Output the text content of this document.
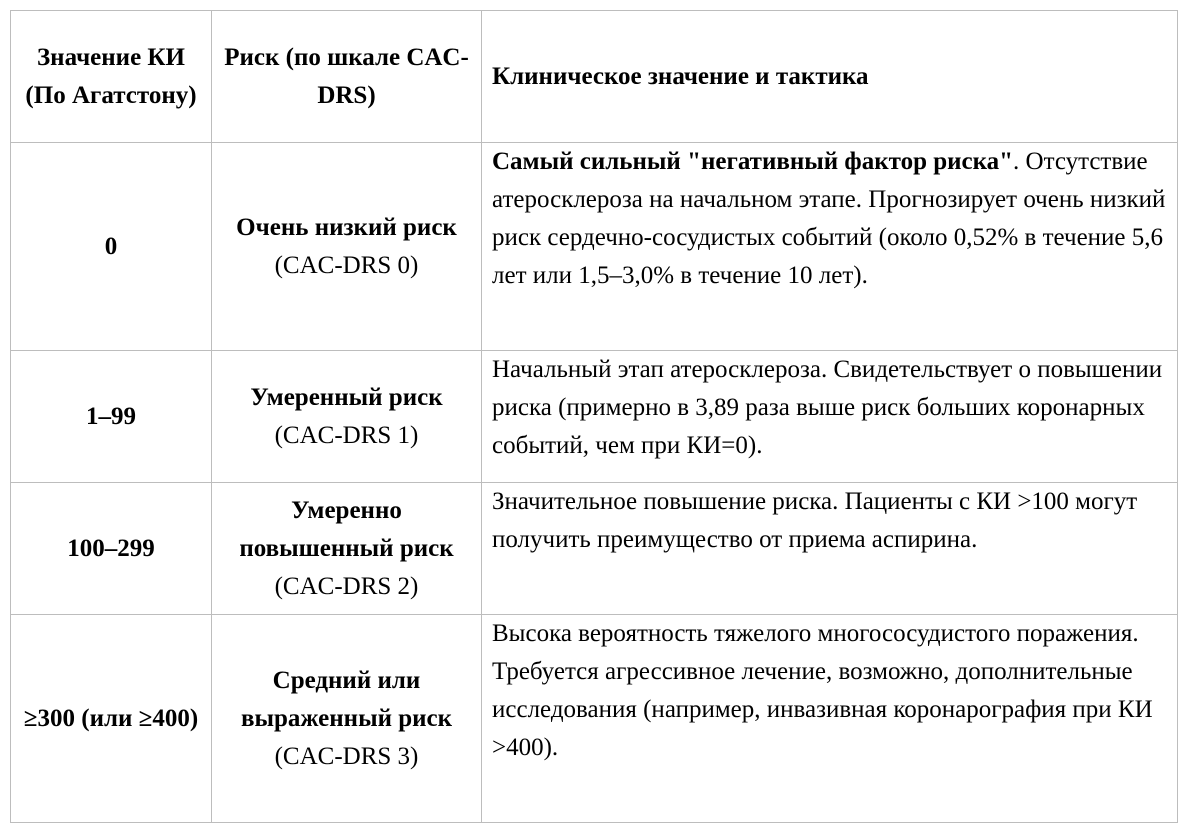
Значение КИ (По Агатстону)	Риск (по шкале CAC-DRS)	Клиническое значение и тактика
0	Очень низкий риск (CAC-DRS 0)	Самый сильный "негативный фактор риска". Отсутствие атеросклероза на начальном этапе. Прогнозирует очень низкий риск сердечно-сосудистых событий (около 0,52% в течение 5,6 лет или 1,5–3,0% в течение 10 лет).
1–99	Умеренный риск (CAC-DRS 1)	Начальный этап атеросклероза. Свидетельствует о повышении риска (примерно в 3,89 раза выше риск больших коронарных событий, чем при КИ=0).
100–299	Умеренно повышенный риск (CAC-DRS 2)	Значительное повышение риска. Пациенты с КИ >100 могут получить преимущество от приема аспирина.
≥300 (или ≥400)	Средний или выраженный риск (CAC-DRS 3)	Высока вероятность тяжелого многососудистого поражения. Требуется агрессивное лечение, возможно, дополнительные исследования (например, инвазивная коронарография при КИ >400).
